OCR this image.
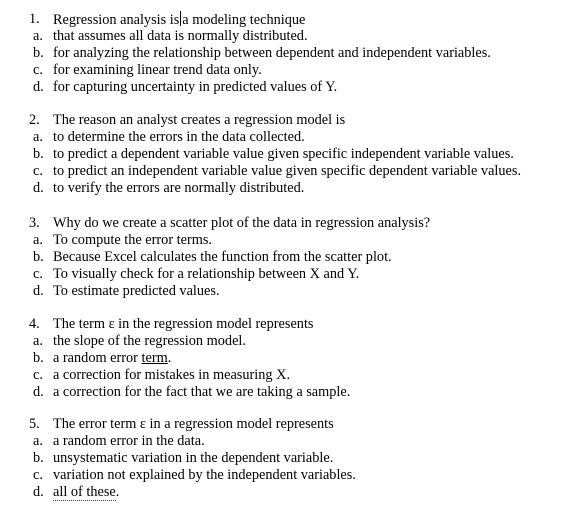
1. Regression analysis is a modeling technique
a. that assumes all data is normally distributed.
b. for analyzing the relationship between dependent and independent variables.
c. for examining linear trend data only.
d. for capturing uncertainty in predicted values of Y.
2. The reason an analyst creates a regression model is
a. to determine the errors in the data collected.
b. to predict a dependent variable value given specific independent variable values.
c. to predict an independent variable value given specific dependent variable values.
d. to verify the errors are normally distributed.
3. Why do we create a scatter plot of the data in regression analysis?
a. To compute the error terms.
b. Because Excel calculates the function from the scatter plot.
c. To visually check for a relationship between X and Y.
d. To estimate predicted values.
4. The term ε in the regression model represents
a. the slope of the regression model.
b. a random error term.
c. a correction for mistakes in measuring X.
d. a correction for the fact that we are taking a sample.
5. The error term ε in a regression model represents
a. a random error in the data.
b. unsystematic variation in the dependent variable.
c. variation not explained by the independent variables.
d. all of these.
